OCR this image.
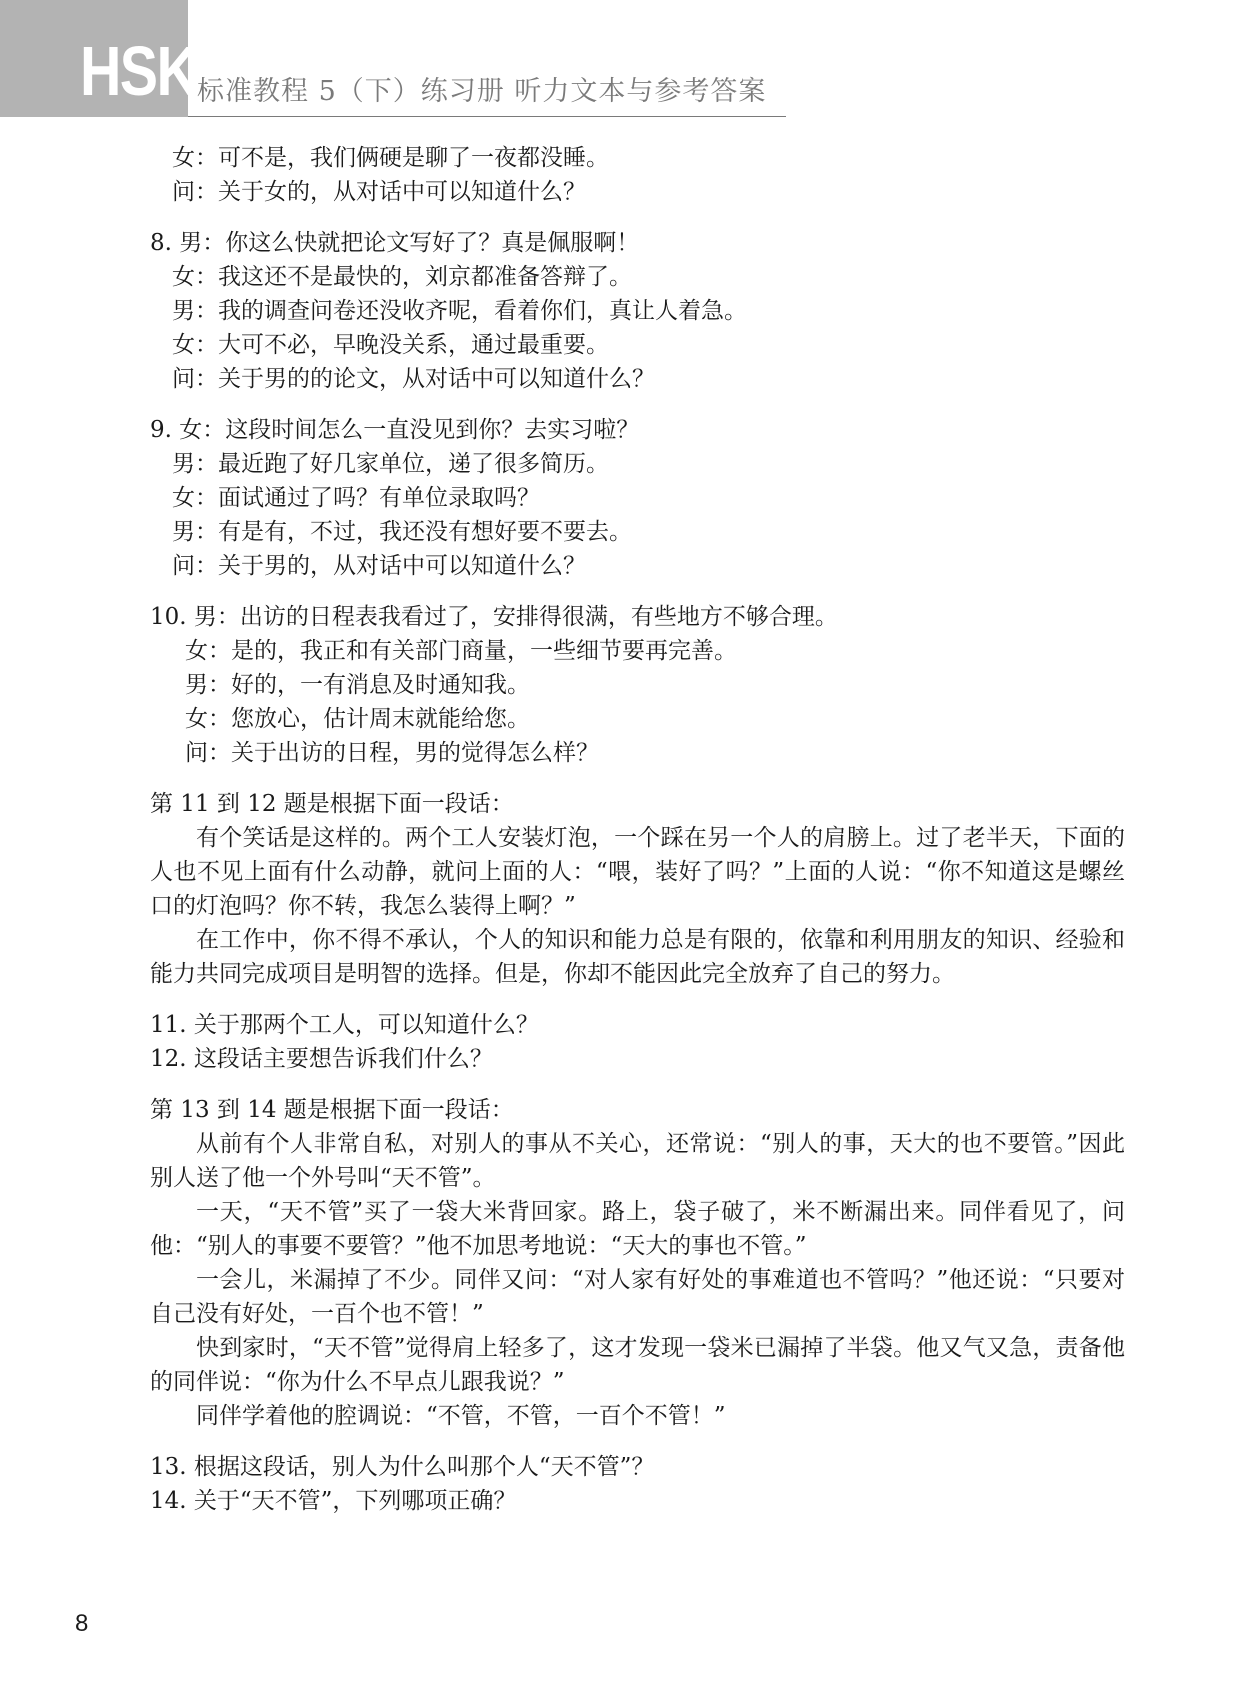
HSK 标准教程 5（下）练习册 听力文本与参考答案
女：可不是，我们俩硬是聊了一夜都没睡。
问：关于女的，从对话中可以知道什么？
8. 男：你这么快就把论文写好了？真是佩服啊！
女：我这还不是最快的，刘京都准备答辩了。
男：我的调查问卷还没收齐呢，看着你们，真让人着急。
女：大可不必，早晚没关系，通过最重要。
问：关于男的的论文，从对话中可以知道什么？
9. 女：这段时间怎么一直没见到你？去实习啦？
男：最近跑了好几家单位，递了很多简历。
女：面试通过了吗？有单位录取吗？
男：有是有，不过，我还没有想好要不要去。
问：关于男的，从对话中可以知道什么？
10. 男：出访的日程表我看过了，安排得很满，有些地方不够合理。
女：是的，我正和有关部门商量，一些细节要再完善。
男：好的，一有消息及时通知我。
女：您放心，估计周末就能给您。
问：关于出访的日程，男的觉得怎么样？
第 11 到 12 题是根据下面一段话：
有个笑话是这样的。两个工人安装灯泡，一个踩在另一个人的肩膀上。过了老半天，下面的人也不见上面有什么动静，就问上面的人：“喂，装好了吗？”上面的人说：“你不知道这是螺丝口的灯泡吗？你不转，我怎么装得上啊？”
在工作中，你不得不承认，个人的知识和能力总是有限的，依靠和利用朋友的知识、经验和能力共同完成项目是明智的选择。但是，你却不能因此完全放弃了自己的努力。
11. 关于那两个工人，可以知道什么？
12. 这段话主要想告诉我们什么？
第 13 到 14 题是根据下面一段话：
从前有个人非常自私，对别人的事从不关心，还常说：“别人的事，天大的也不要管。”因此别人送了他一个外号叫“天不管”。
一天，“天不管”买了一袋大米背回家。路上，袋子破了，米不断漏出来。同伴看见了，问他：“别人的事要不要管？”他不加思考地说：“天大的事也不管。”
一会儿，米漏掉了不少。同伴又问：“对人家有好处的事难道也不管吗？”他还说：“只要对自己没有好处，一百个也不管！”
快到家时，“天不管”觉得肩上轻多了，这才发现一袋米已漏掉了半袋。他又气又急，责备他的同伴说：“你为什么不早点儿跟我说？”
同伴学着他的腔调说：“不管，不管，一百个不管！”
13. 根据这段话，别人为什么叫那个人“天不管”？
14. 关于“天不管”，下列哪项正确？
8
